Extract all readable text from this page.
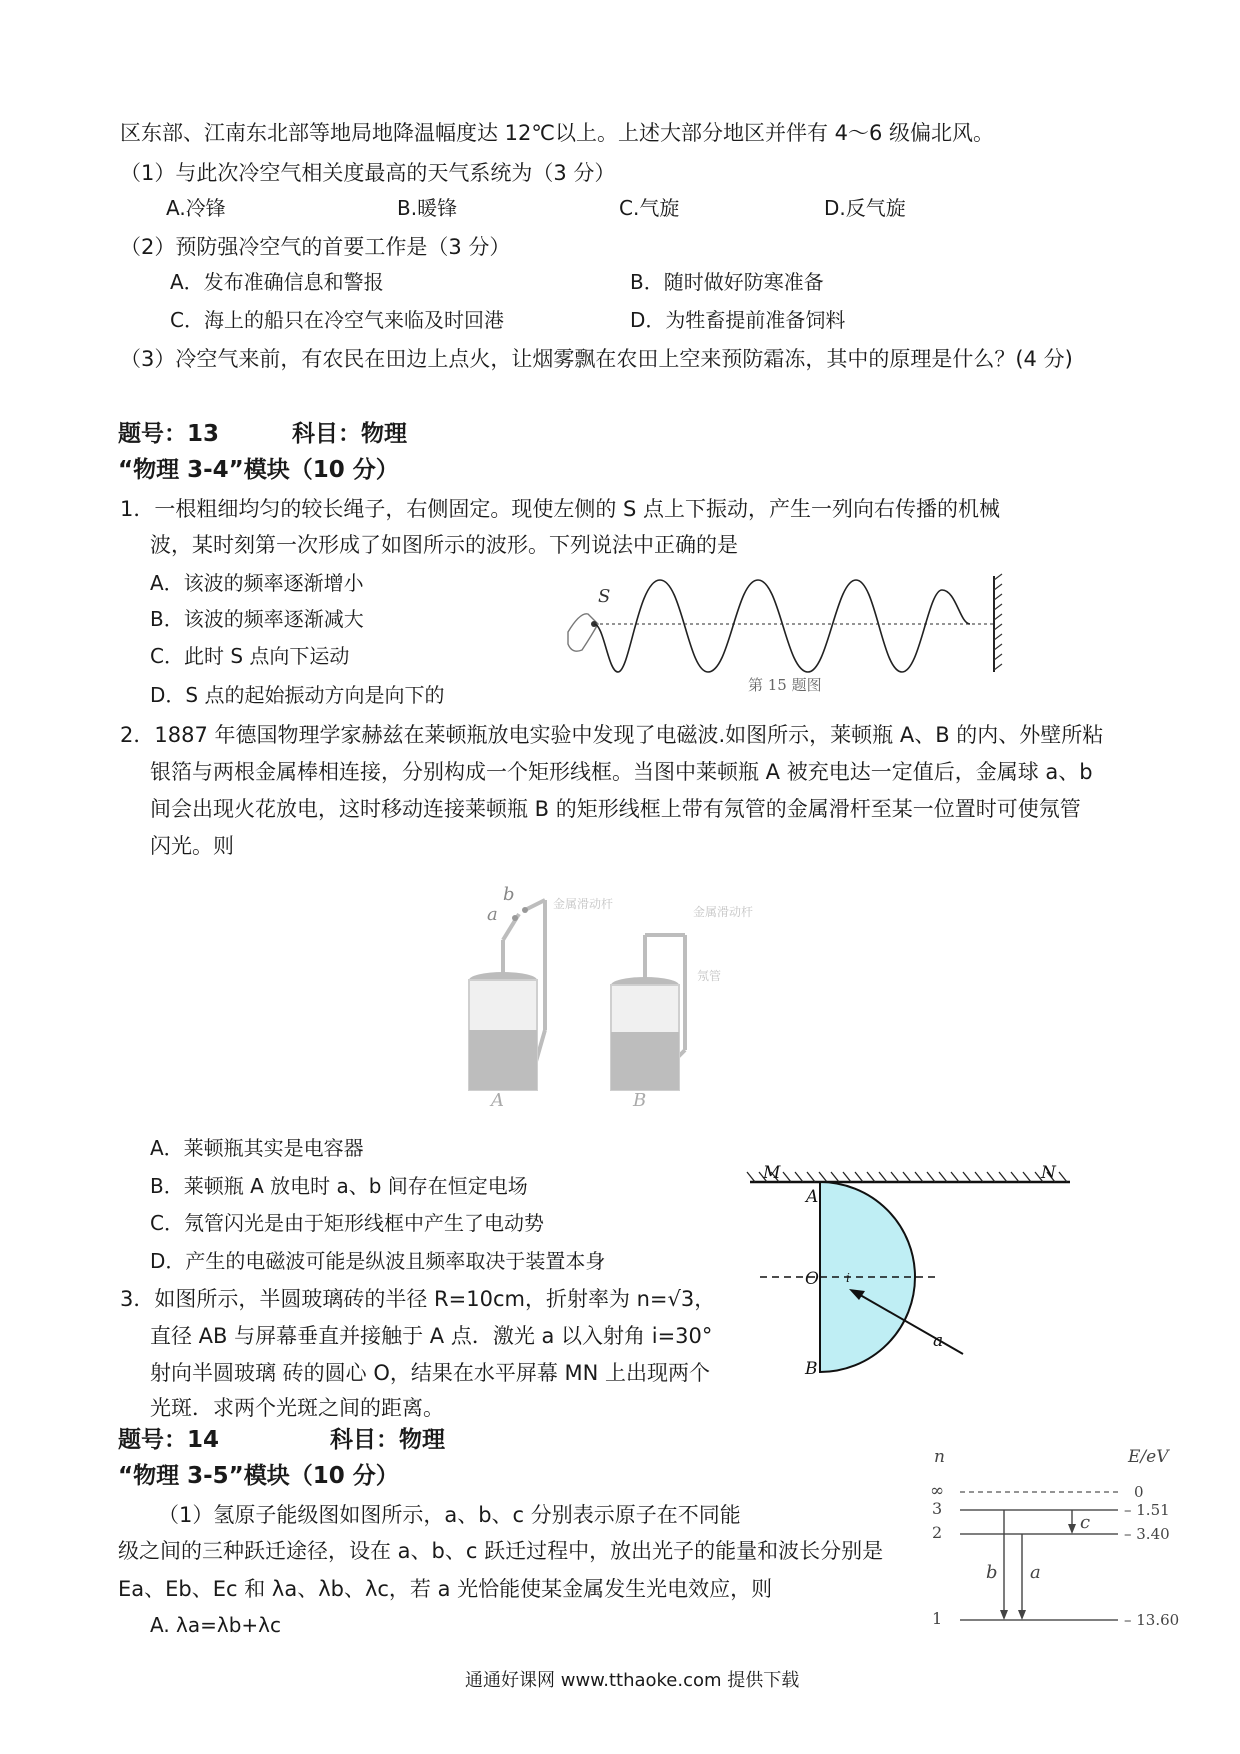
区东部、江南东北部等地局地降温幅度达 12℃以上。上述大部分地区并伴有 4～6 级偏北风。
（1）与此次冷空气相关度最高的天气系统为（3 分）
A.冷锋	B.暖锋	C.气旋	D.反气旋
（2）预防强冷空气的首要工作是（3 分）
A．发布准确信息和警报	B．随时做好防寒准备
C．海上的船只在冷空气来临及时回港	D．为牲畜提前准备饲料
（3）冷空气来前，有农民在田边上点火，让烟雾飘在农田上空来预防霜冻，其中的原理是什么？(4 分)
题号：13	科目：物理
“物理 3-4”模块（10 分）
1．一根粗细均匀的较长绳子，右侧固定。现使左侧的 S 点上下振动，产生一列向右传播的机械
波，某时刻第一次形成了如图所示的波形。下列说法中正确的是
A．该波的频率逐渐增小
B．该波的频率逐渐减大
C．此时 S 点向下运动
D．S 点的起始振动方向是向下的
S
第 15 题图
2．1887 年德国物理学家赫兹在莱顿瓶放电实验中发现了电磁波.如图所示，莱顿瓶 A、B 的内、外壁所粘
银箔与两根金属棒相连接，分别构成一个矩形线框。当图中莱顿瓶 A 被充电达一定值后，金属球 a、b
间会出现火花放电，这时移动连接莱顿瓶 B 的矩形线框上带有氖管的金属滑杆至某一位置时可使氖管
闪光。则
a
b
A	B
金属滑动杆
金属滑动杆
氖管
A．莱顿瓶其实是电容器
B．莱顿瓶 A 放电时 a、b 间存在恒定电场
C．氖管闪光是由于矩形线框中产生了电动势
D．产生的电磁波可能是纵波且频率取决于装置本身
A
O
B
M	N
a
i
3．如图所示，半圆玻璃砖的半径 R=10cm，折射率为 n=√3，
直径 AB 与屏幕垂直并接触于 A 点．激光 a 以入射角 i=30°
射向半圆玻璃 砖的圆心 O，结果在水平屏幕 MN 上出现两个
光斑．求两个光斑之间的距离。
题号：14	科目：物理
“物理 3-5”模块（10 分）
（1）氢原子能级图如图所示，a、b、c 分别表示原子在不同能
级之间的三种跃迁途径，设在 a、b、c 跃迁过程中，放出光子的能量和波长分别是
Ea、Eb、Ec 和 λa、λb、λc，若 a 光恰能使某金属发生光电效应，则
A. λa=λb+λc
n	E/eV
∞	0
3	– 1.51
2	– 3.40
1	– 13.60
b a
c
通通好课网 www.tthaoke.com 提供下载
